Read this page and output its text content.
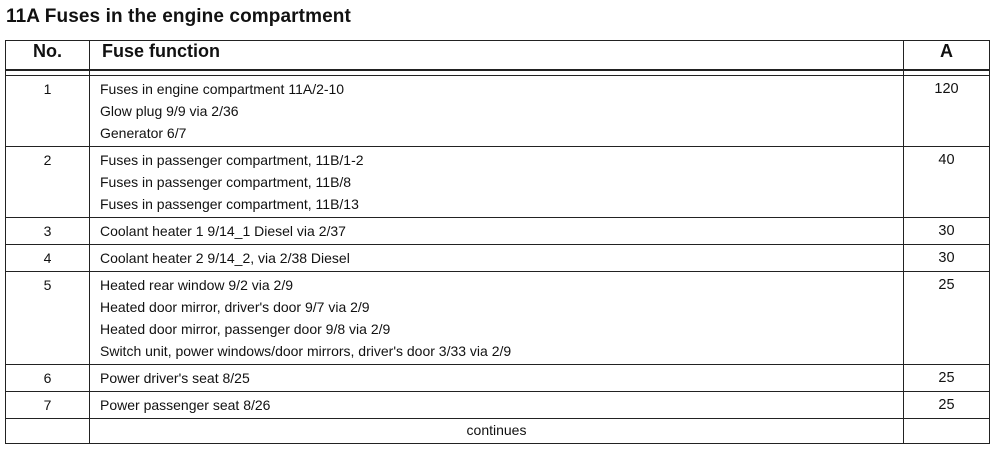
11A Fuses in the engine compartment
No.	Fuse function	A

1	Fuses in engine compartment 11A/2-10
Glow plug 9/9 via 2/36
Generator 6/7	120
2	Fuses in passenger compartment, 11B/1-2
Fuses in passenger compartment, 11B/8
Fuses in passenger compartment, 11B/13	40
3	Coolant heater 1 9/14_1 Diesel via 2/37	30
4	Coolant heater 2 9/14_2, via 2/38 Diesel	30
5	Heated rear window 9/2 via 2/9
Heated door mirror, driver's door 9/7 via 2/9
Heated door mirror, passenger door 9/8 via 2/9
Switch unit, power windows/door mirrors, driver's door 3/33 via 2/9	25
6	Power driver's seat 8/25	25
7	Power passenger seat 8/26	25
	continues	
